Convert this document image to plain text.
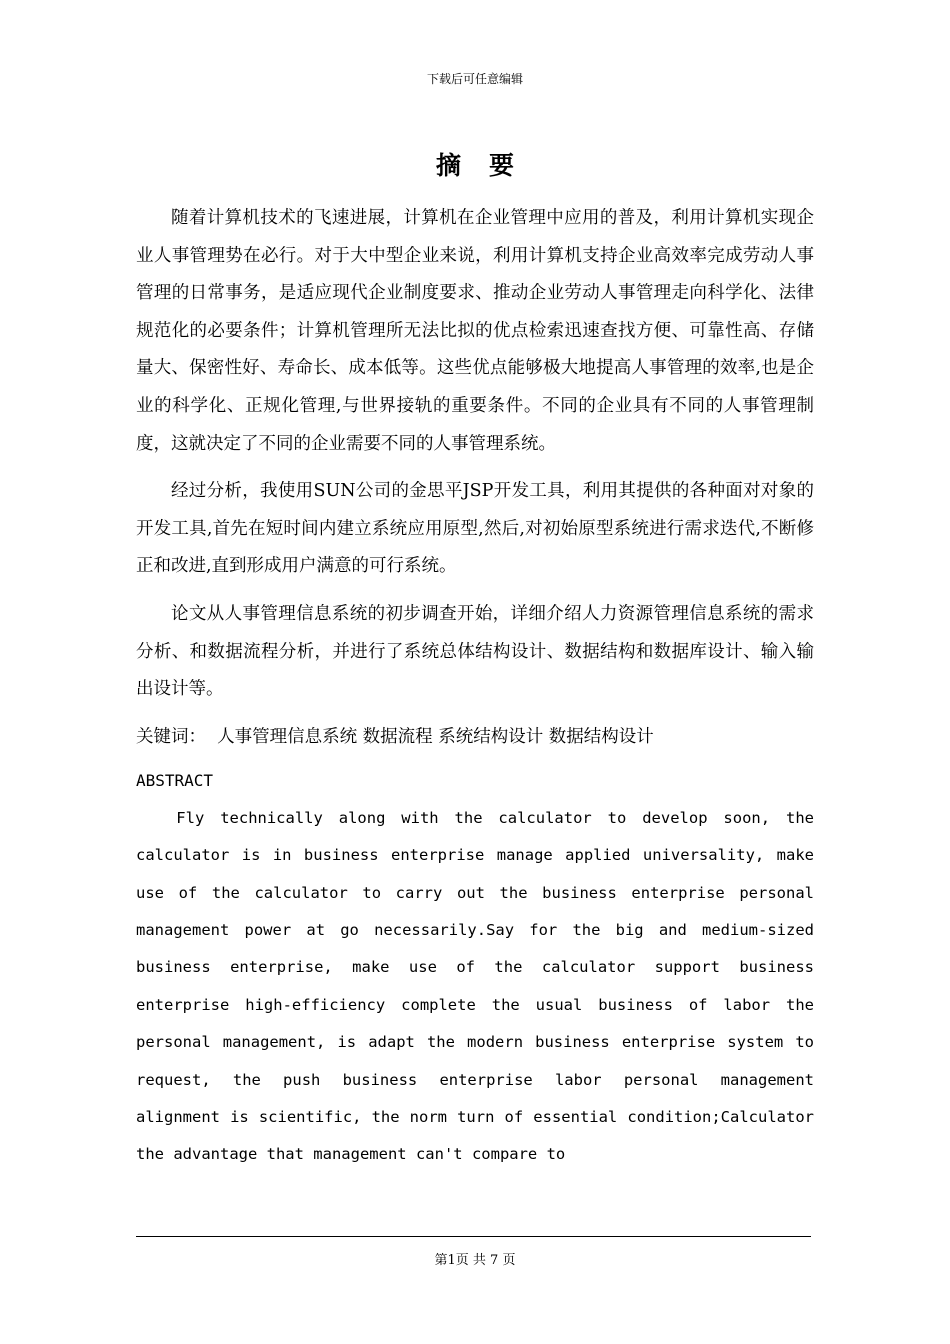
下载后可任意编辑
摘要

随着计算机技术的飞速进展，计算机在企业管理中应用的普及，利用计算机实现企业人事管理势在必行。对于大中型企业来说，利用计算机支持企业高效率完成劳动人事管理的日常事务，是适应现代企业制度要求、推动企业劳动人事管理走向科学化、法律规范化的必要条件；计算机管理所无法比拟的优点检索迅速查找方便、可靠性高、存储量大、保密性好、寿命长、成本低等。这些优点能够极大地提高人事管理的效率,也是企业的科学化、正规化管理,与世界接轨的重要条件。不同的企业具有不同的人事管理制度，这就决定了不同的企业需要不同的人事管理系统。

经过分析，我使用SUN公司的金思平JSP开发工具，利用其提供的各种面对对象的开发工具,首先在短时间内建立系统应用原型,然后,对初始原型系统进行需求迭代,不断修正和改进,直到形成用户满意的可行系统。

论文从人事管理信息系统的初步调查开始，详细介绍人力资源管理信息系统的需求分析、和数据流程分析，并进行了系统总体结构设计、数据结构和数据库设计、输入输出设计等。

关键词：  人事管理信息系统 数据流程 系统结构设计 数据结构设计

ABSTRACT

Fly technically along with the calculator to develop soon, the calculator is in business enterprise manage applied universality, make use of the calculator to carry out the business enterprise personal management power at go necessarily.Say for the big and medium-sized business enterprise, make use of the calculator support business enterprise high-efficiency complete the usual business of labor the personal management, is adapt the modern business enterprise system to request, the push business enterprise labor personal management alignment is scientific, the norm turn of essential condition;Calculator the advantage that management can't compare to

第1页 共 7 页
